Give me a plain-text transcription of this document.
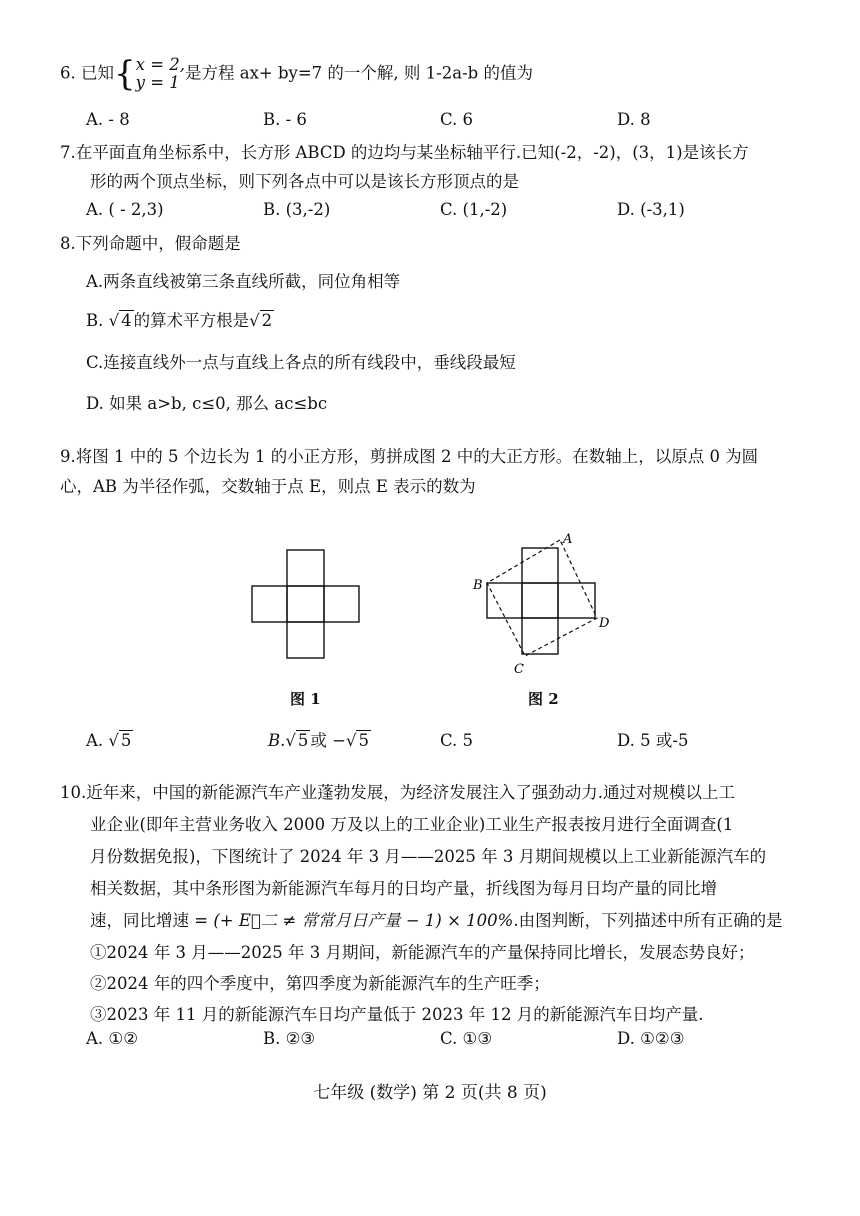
6. 已知{x = 2,
y = 1 是方程 ax+ by=7 的一个解, 则 1-2a-b 的值为
A. - 8	B. - 6	C. 6	D. 8
7.在平面直角坐标系中，长方形 ABCD 的边均与某坐标轴平行.已知(-2，-2)，(3，1)是该长方
形的两个顶点坐标，则下列各点中可以是该长方形顶点的是
A. ( - 2,3)	B. (3,-2)	C. (1,-2)	D. (-3,1)
8.下列命题中，假命题是
A.两条直线被第三条直线所截，同位角相等
B. √ 4 的算术平方根是√ 2
C.连接直线外一点与直线上各点的所有线段中，垂线段最短
D. 如果 a>b, c≤0, 那么 ac≤bc
9.将图 1 中的 5 个边长为 1 的小正方形，剪拼成图 2 中的大正方形。在数轴上，以原点 0 为圆
心，AB 为半径作弧，交数轴于点 E，则点 E 表示的数为
图 1
A
B
C
D
图 2
A. √ 5	B.√ 5 或 −√ 5	C. 5	D. 5 或-5
10.近年来，中国的新能源汽车产业蓬勃发展，为经济发展注入了强劲动力.通过对规模以上工
业企业(即年主营业务收入 2000 万及以上的工业企业)工业生产报表按月进行全面调查(1
月份数据免报)，下图统计了 2024 年 3 月——2025 年 3 月期间规模以上工业新能源汽车的
相关数据，其中条形图为新能源汽车每月的日均产量，折线图为每月日均产量的同比增
速，同比增速 = (+ E⃗二 ≠ 常常月日产量 − 1) × 100%.由图判断，下列描述中所有正确的是
①2024 年 3 月——2025 年 3 月期间，新能源汽车的产量保持同比增长，发展态势良好；
②2024 年的四个季度中，第四季度为新能源汽车的生产旺季；
③2023 年 11 月的新能源汽车日均产量低于 2023 年 12 月的新能源汽车日均产量.
A. ①②	B. ②③	C. ①③	D. ①②③
七年级 (数学) 第 2 页(共 8 页)
